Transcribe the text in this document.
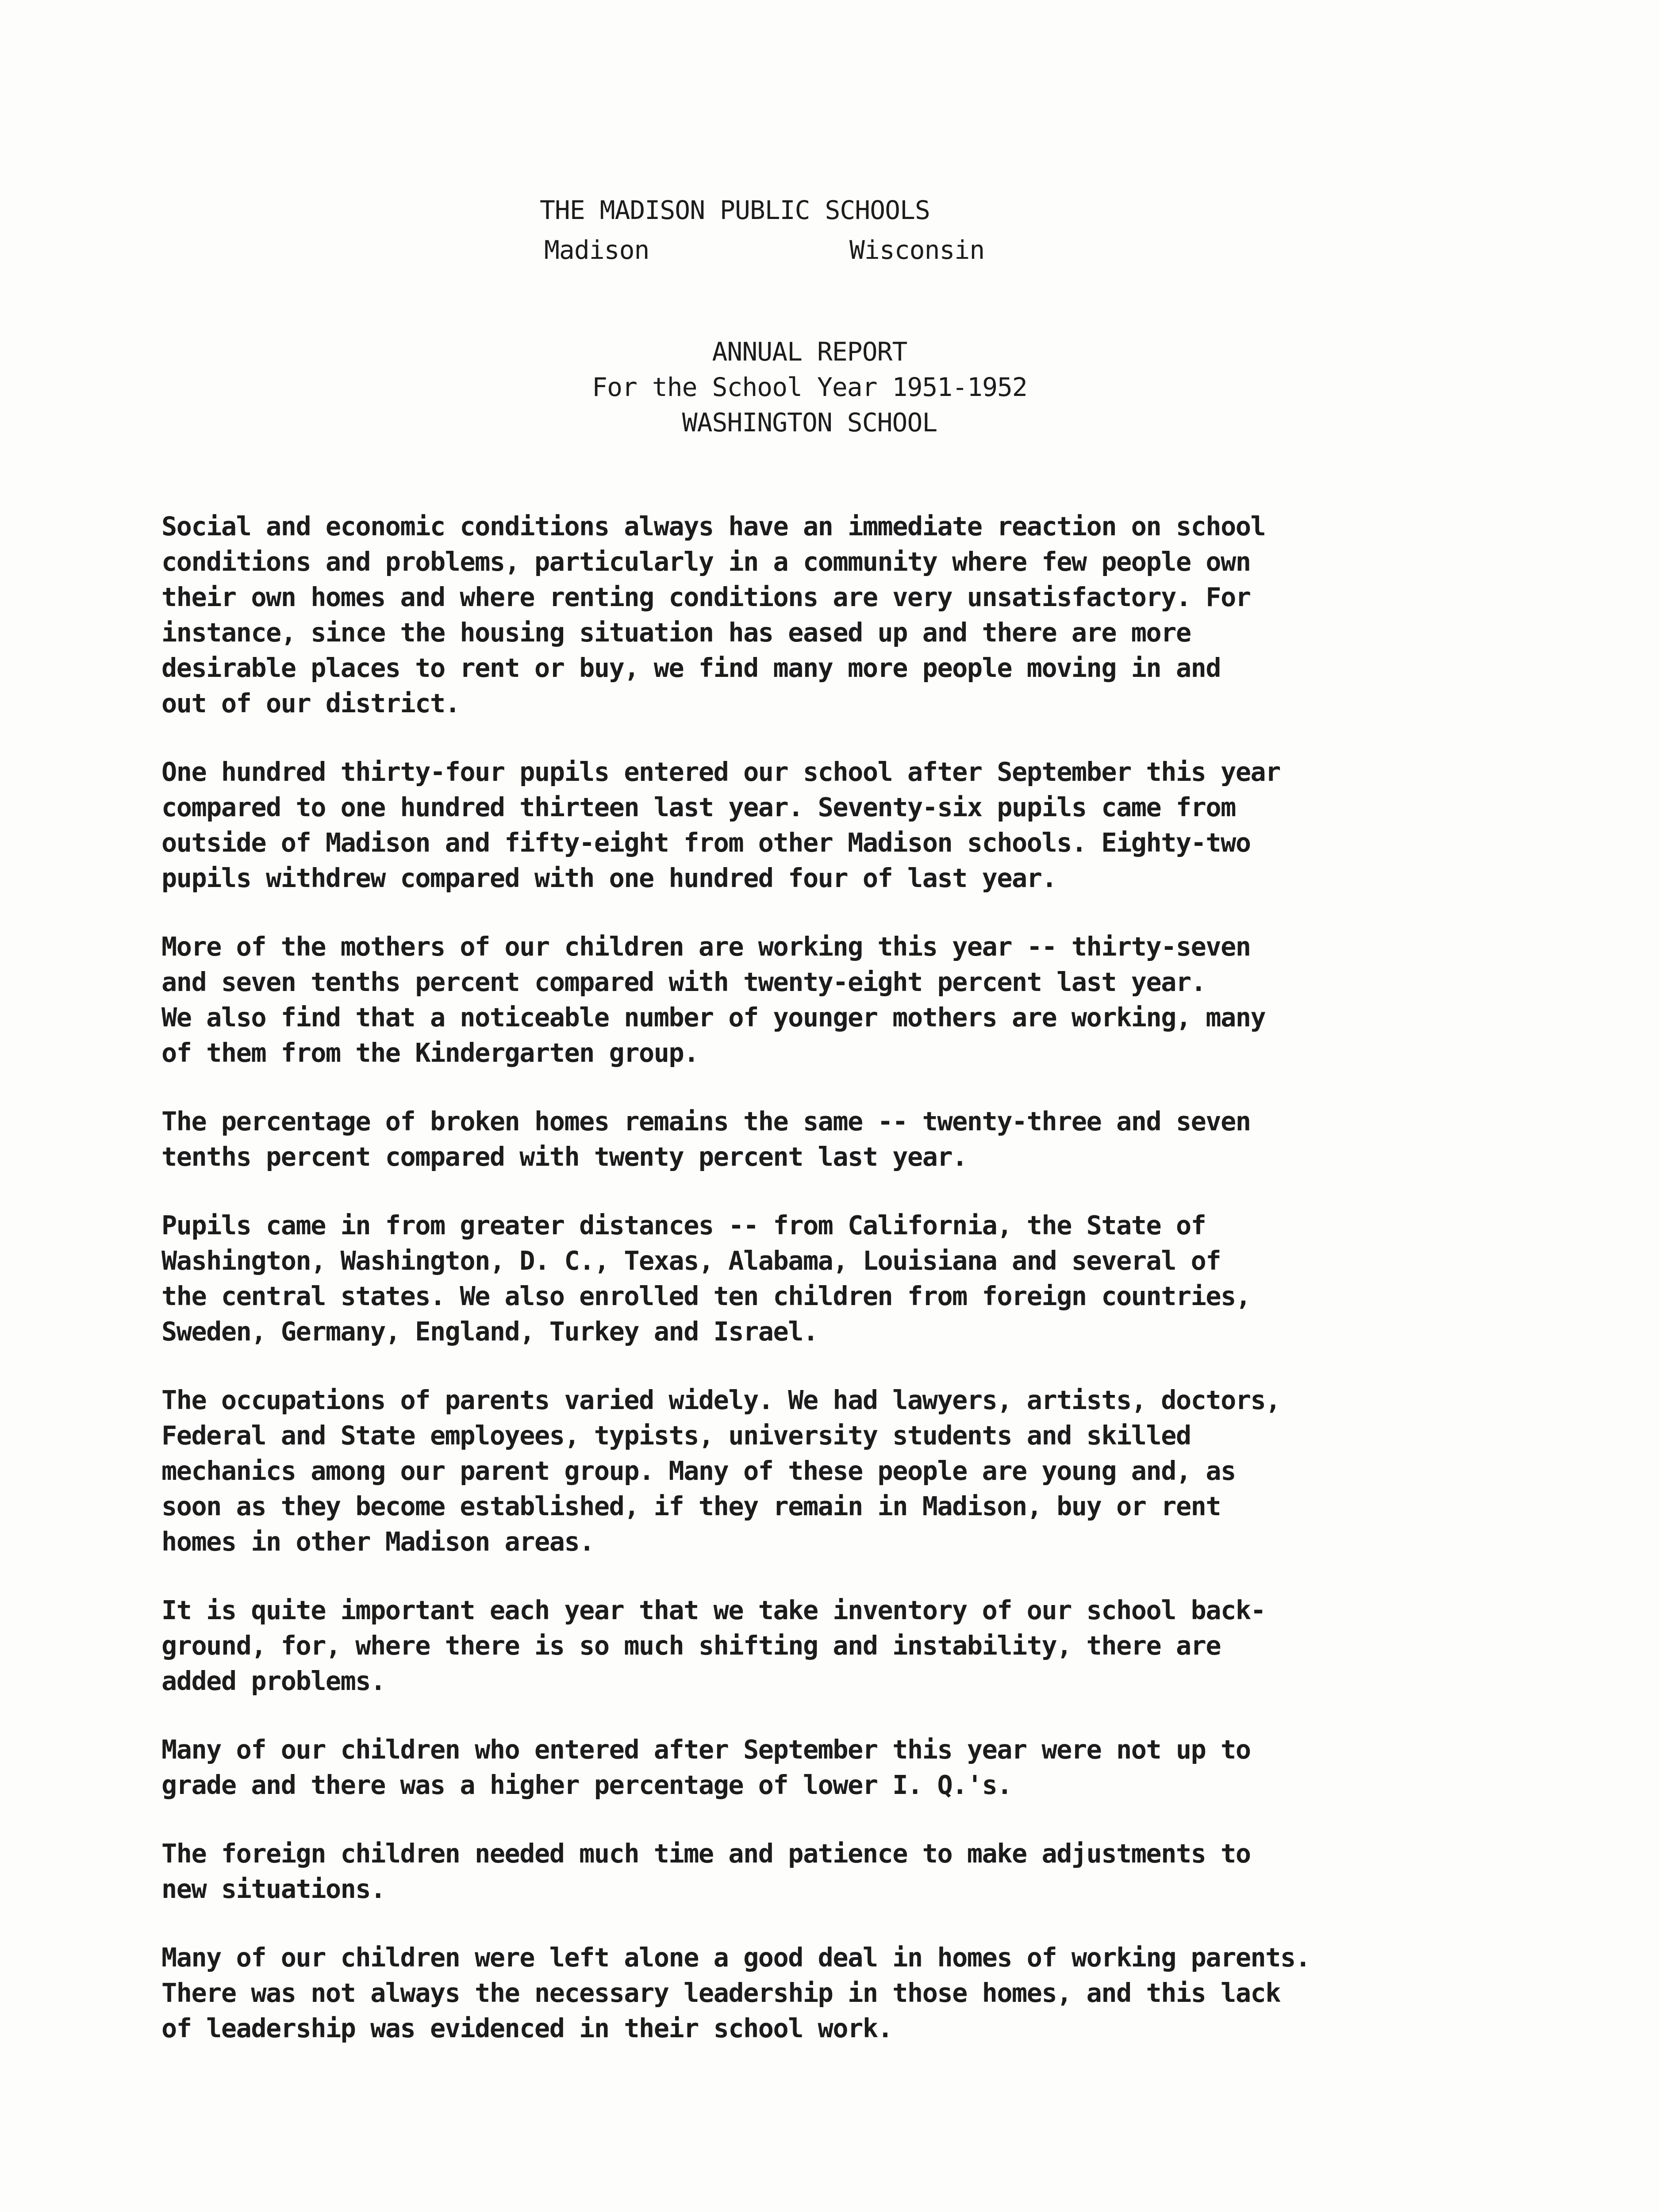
THE MADISON PUBLIC SCHOOLS
Madison	Wisconsin
ANNUAL REPORT
For the School Year 1951-1952
WASHINGTON SCHOOL

Social and economic conditions always have an immediate reaction on school
conditions and problems, particularly in a community where few people own
their own homes and where renting conditions are very unsatisfactory. For
instance, since the housing situation has eased up and there are more
desirable places to rent or buy, we find many more people moving in and
out of our district.

One hundred thirty-four pupils entered our school after September this year
compared to one hundred thirteen last year. Seventy-six pupils came from
outside of Madison and fifty-eight from other Madison schools. Eighty-two
pupils withdrew compared with one hundred four of last year.

More of the mothers of our children are working this year -- thirty-seven
and seven tenths percent compared with twenty-eight percent last year.
We also find that a noticeable number of younger mothers are working, many
of them from the Kindergarten group.

The percentage of broken homes remains the same -- twenty-three and seven
tenths percent compared with twenty percent last year.

Pupils came in from greater distances -- from California, the State of
Washington, Washington, D. C., Texas, Alabama, Louisiana and several of
the central states. We also enrolled ten children from foreign countries,
Sweden, Germany, England, Turkey and Israel.

The occupations of parents varied widely. We had lawyers, artists, doctors,
Federal and State employees, typists, university students and skilled
mechanics among our parent group. Many of these people are young and, as
soon as they become established, if they remain in Madison, buy or rent
homes in other Madison areas.

It is quite important each year that we take inventory of our school back-
ground, for, where there is so much shifting and instability, there are
added problems.

Many of our children who entered after September this year were not up to
grade and there was a higher percentage of lower I. Q.'s.

The foreign children needed much time and patience to make adjustments to
new situations.

Many of our children were left alone a good deal in homes of working parents.
There was not always the necessary leadership in those homes, and this lack
of leadership was evidenced in their school work.
